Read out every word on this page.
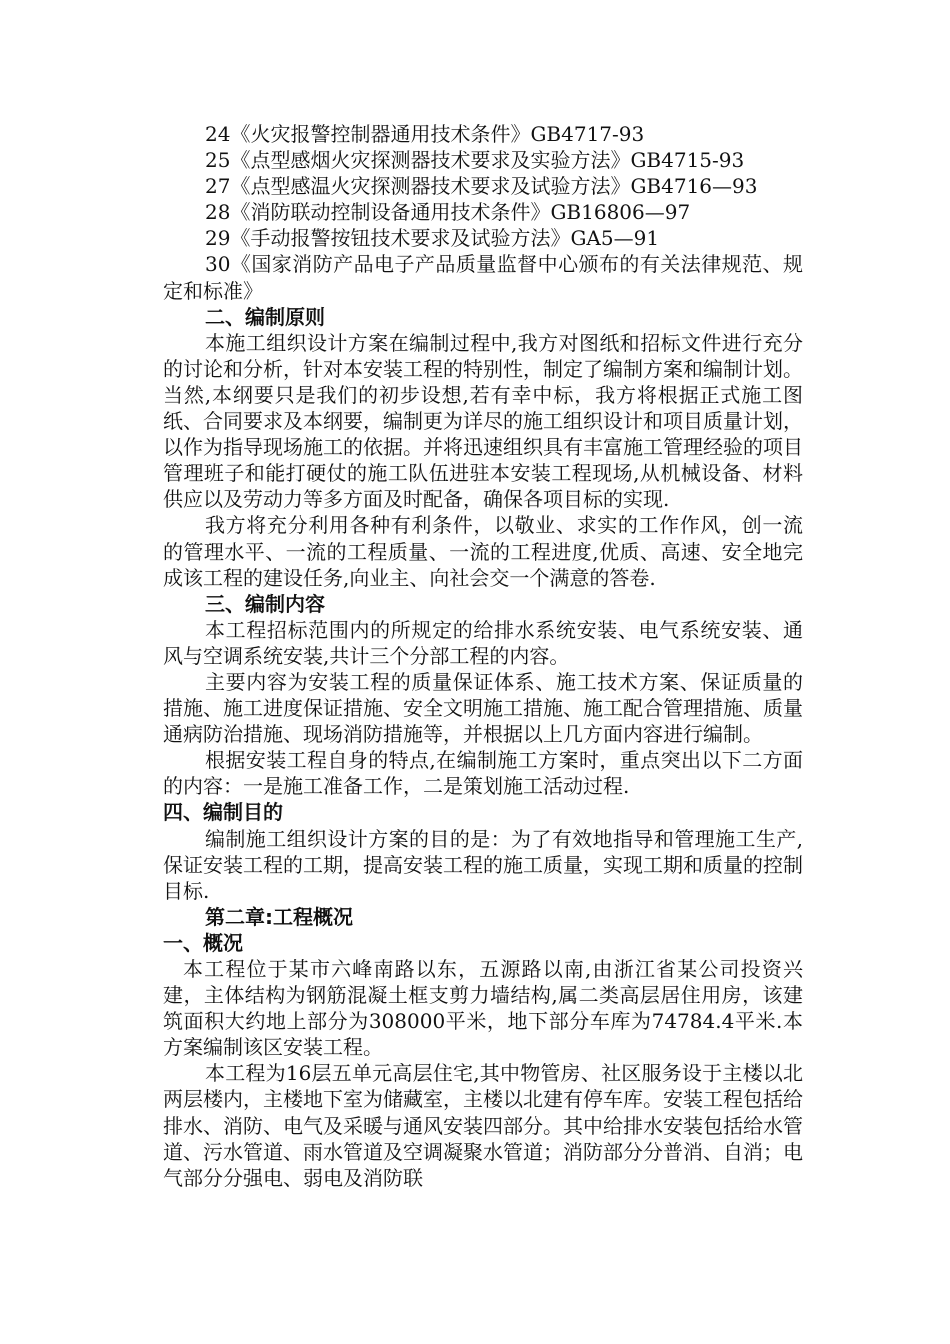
24《火灾报警控制器通用技术条件》GB4717-93

25《点型感烟火灾探测器技术要求及实验方法》GB4715-93

27《点型感温火灾探测器技术要求及试验方法》GB4716—93

28《消防联动控制设备通用技术条件》GB16806—97

29《手动报警按钮技术要求及试验方法》GA5—91

30《国家消防产品电子产品质量监督中心颁布的有关法律规范、规定和标准》

二、编制原则

本施工组织设计方案在编制过程中,我方对图纸和招标文件进行充分的讨论和分析，针对本安装工程的特别性，制定了编制方案和编制计划。当然,本纲要只是我们的初步设想,若有幸中标，我方将根据正式施工图纸、合同要求及本纲要，编制更为详尽的施工组织设计和项目质量计划，以作为指导现场施工的依据。并将迅速组织具有丰富施工管理经验的项目管理班子和能打硬仗的施工队伍进驻本安装工程现场,从机械设备、材料供应以及劳动力等多方面及时配备，确保各项目标的实现.

我方将充分利用各种有利条件，以敬业、求实的工作作风，创一流的管理水平、一流的工程质量、一流的工程进度,优质、高速、安全地完成该工程的建设任务,向业主、向社会交一个满意的答卷.

三、编制内容

本工程招标范围内的所规定的给排水系统安装、电气系统安装、通风与空调系统安装,共计三个分部工程的内容。

主要内容为安装工程的质量保证体系、施工技术方案、保证质量的措施、施工进度保证措施、安全文明施工措施、施工配合管理措施、质量通病防治措施、现场消防措施等，并根据以上几方面内容进行编制。

根据安装工程自身的特点,在编制施工方案时，重点突出以下二方面的内容：一是施工准备工作，二是策划施工活动过程.

四、编制目的

编制施工组织设计方案的目的是：为了有效地指导和管理施工生产,保证安装工程的工期，提高安装工程的施工质量，实现工期和质量的控制目标.

第二章:工程概况

一、概况

本工程位于某市六峰南路以东，五源路以南,由浙江省某公司投资兴建，主体结构为钢筋混凝土框支剪力墙结构,属二类高层居住用房，该建筑面积大约地上部分为308000平米，地下部分车库为74784.4平米.本方案编制该区安装工程。

本工程为16层五单元高层住宅,其中物管房、社区服务设于主楼以北两层楼内，主楼地下室为储藏室，主楼以北建有停车库。安装工程包括给排水、消防、电气及采暖与通风安装四部分。其中给排水安装包括给水管道、污水管道、雨水管道及空调凝聚水管道；消防部分分普消、自消；电气部分分强电、弱电及消防联
